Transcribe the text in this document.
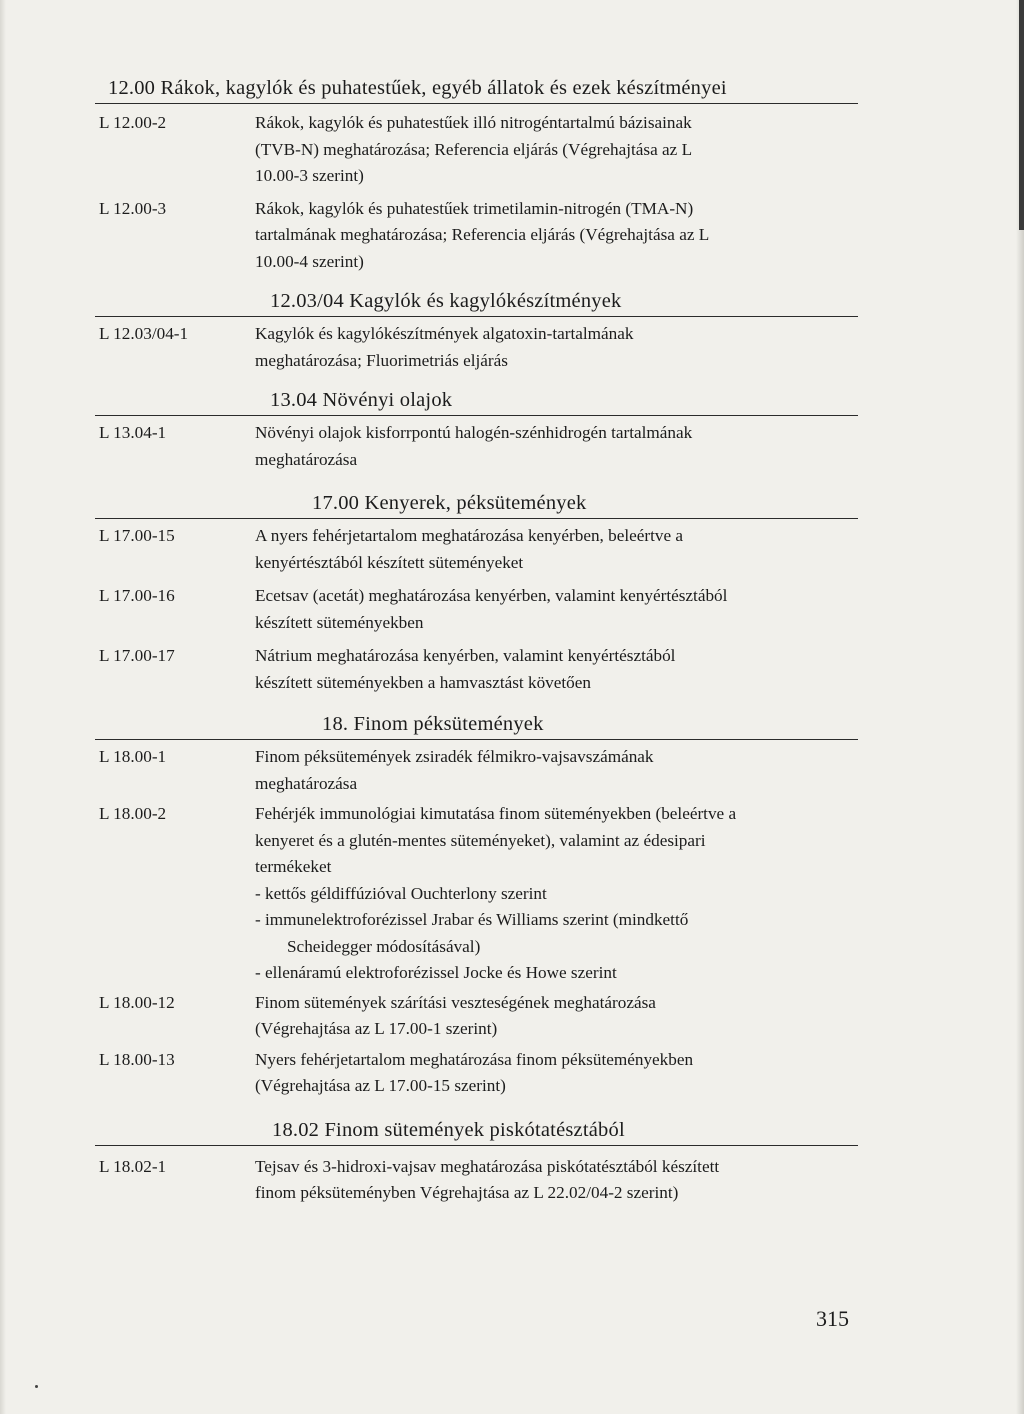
12.00 Rákok, kagylók és puhatestűek, egyéb állatok és ezek készítményei
L 12.00-2	Rákok, kagylók és puhatestűek illó nitrogéntartalmú bázisainak
(TVB-N) meghatározása; Referencia eljárás (Végrehajtása az L
10.00-3 szerint)
L 12.00-3	Rákok, kagylók és puhatestűek trimetilamin-nitrogén (TMA-N)
tartalmának meghatározása; Referencia eljárás (Végrehajtása az L
10.00-4 szerint)
12.03/04 Kagylók és kagylókészítmények
L 12.03/04-1	Kagylók és kagylókészítmények algatoxin-tartalmának
meghatározása; Fluorimetriás eljárás
13.04 Növényi olajok
L 13.04-1	Növényi olajok kisforrpontú halogén-szénhidrogén tartalmának
meghatározása
17.00 Kenyerek, péksütemények
L 17.00-15	A nyers fehérjetartalom meghatározása kenyérben, beleértve a
kenyértésztából készített süteményeket
L 17.00-16	Ecetsav (acetát) meghatározása kenyérben, valamint kenyértésztából
készített süteményekben
L 17.00-17	Nátrium meghatározása kenyérben, valamint kenyértésztából
készített süteményekben a hamvasztást követően
18. Finom péksütemények
L 18.00-1	Finom péksütemények zsiradék félmikro-vajsavszámának
meghatározása
L 18.00-2	Fehérjék immunológiai kimutatása finom süteményekben (beleértve a
kenyeret és a glutén-mentes süteményeket), valamint az édesipari
termékeket
- kettős géldiffúzióval Ouchterlony szerint
- immunelektroforézissel Jrabar és Williams szerint (mindkettő
Scheidegger módosításával)
- ellenáramú elektroforézissel Jocke és Howe szerint
L 18.00-12	Finom sütemények szárítási veszteségének meghatározása
(Végrehajtása az L 17.00-1 szerint)
L 18.00-13	Nyers fehérjetartalom meghatározása finom péksüteményekben
(Végrehajtása az L 17.00-15 szerint)
18.02 Finom sütemények piskótatésztából
L 18.02-1	Tejsav és 3-hidroxi-vajsav meghatározása piskótatésztából készített
finom péksüteményben Végrehajtása az L 22.02/04-2 szerint)
315
